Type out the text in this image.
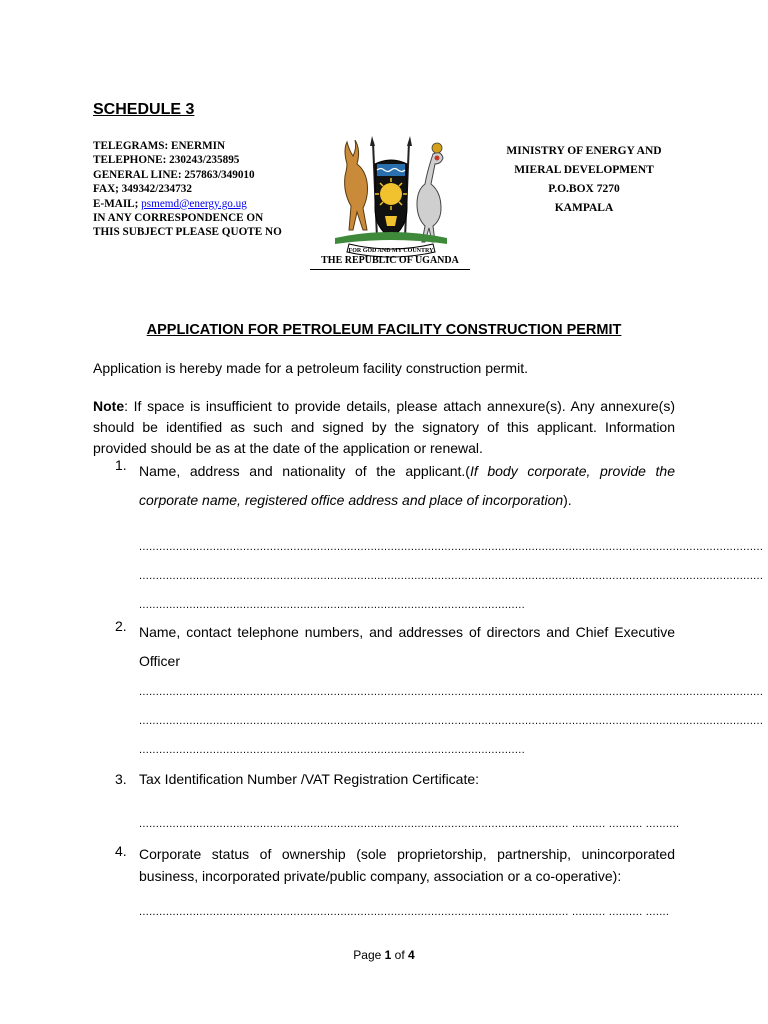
SCHEDULE 3
TELEGRAMS: ENERMIN
TELEPHONE: 230243/235895
GENERAL LINE: 257863/349010
FAX; 349342/234732
E-MAIL; psmemd@energy.go.ug
IN ANY CORRESPONDENCE ON
THIS SUBJECT PLEASE QUOTE NO
FOR GOD AND MY COUNTRY
THE REPUBLIC OF UGANDA
MINISTRY OF ENERGY AND
MIERAL DEVELOPMENT
P.O.BOX 7270
KAMPALA
APPLICATION FOR PETROLEUM FACILITY CONSTRUCTION PERMIT

Application is hereby made for a petroleum facility construction permit.

Note: If space is insufficient to provide details, please attach annexure(s). Any annexure(s) should be identified as such and signed by the signatory of this applicant. Information provided should be as at the date of the application or renewal.

1. Name, address and nationality of the applicant.(If body corporate, provide the corporate name, registered office address and place of incorporation).
..........................................................................................................................................................................................
..........................................................................................................................................................................................
...................................................................................................................
2. Name, contact telephone numbers, and addresses of directors and Chief Executive Officer
..........................................................................................................................................................................................
..........................................................................................................................................................................................
...................................................................................................................
3. Tax Identification Number /VAT Registration Certificate:
................................................................................................................................ .......... .......... ..........
4. Corporate status of ownership (sole proprietorship, partnership, unincorporated business, incorporated private/public company, association or a co-operative):
................................................................................................................................ .......... .......... .......
Page 1 of 4
